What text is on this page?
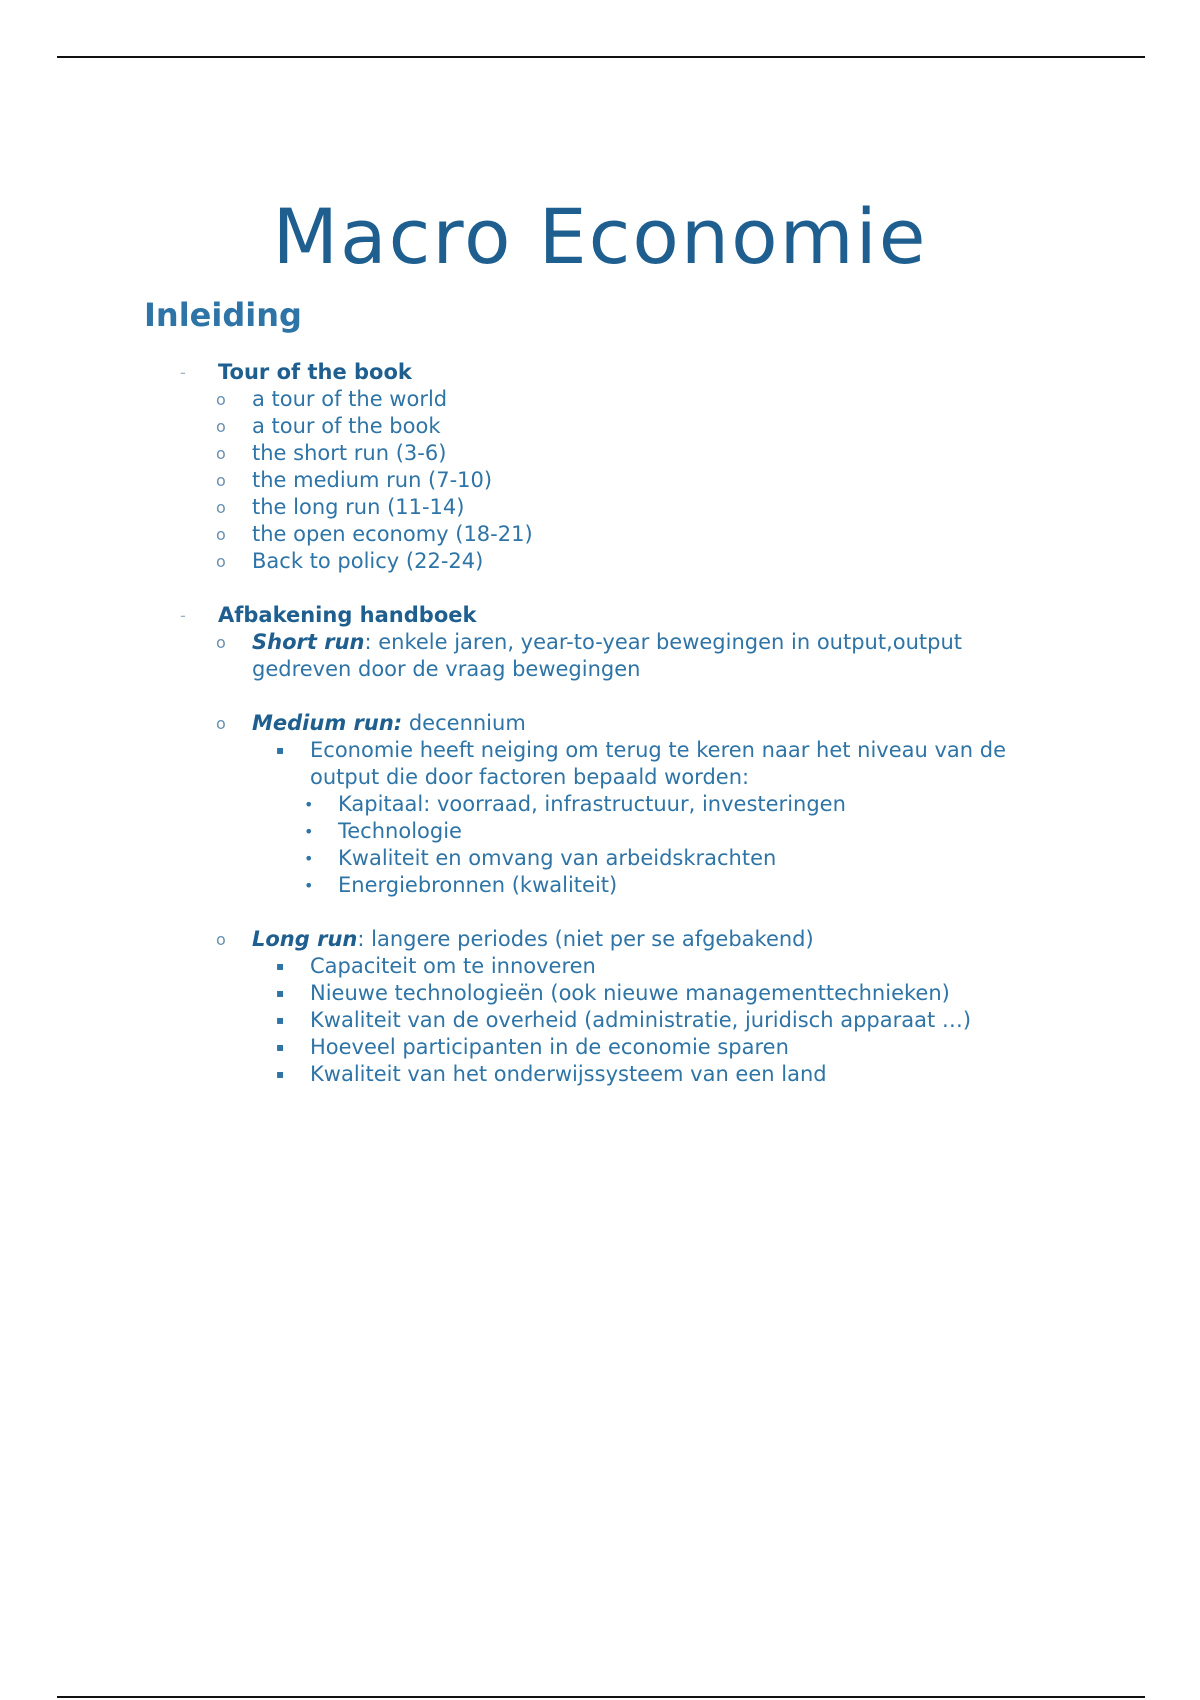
Macro Economie
Inleiding
- Tour of the book
o a tour of the world
o a tour of the book
o the short run (3-6)
o the medium run (7-10)
o the long run (11-14)
o the open economy (18-21)
o Back to policy (22-24)
- Afbakening handboek
o Short run: enkele jaren, year-to-year bewegingen in output,output
gedreven door de vraag bewegingen
o Medium run: decennium
▪ Economie heeft neiging om terug te keren naar het niveau van de
output die door factoren bepaald worden:
• Kapitaal: voorraad, infrastructuur, investeringen
• Technologie
• Kwaliteit en omvang van arbeidskrachten
• Energiebronnen (kwaliteit)
o Long run: langere periodes (niet per se afgebakend)
▪ Capaciteit om te innoveren
▪ Nieuwe technologieën (ook nieuwe managementtechnieken)
▪ Kwaliteit van de overheid (administratie, juridisch apparaat …)
▪ Hoeveel participanten in de economie sparen
▪ Kwaliteit van het onderwijssysteem van een land
